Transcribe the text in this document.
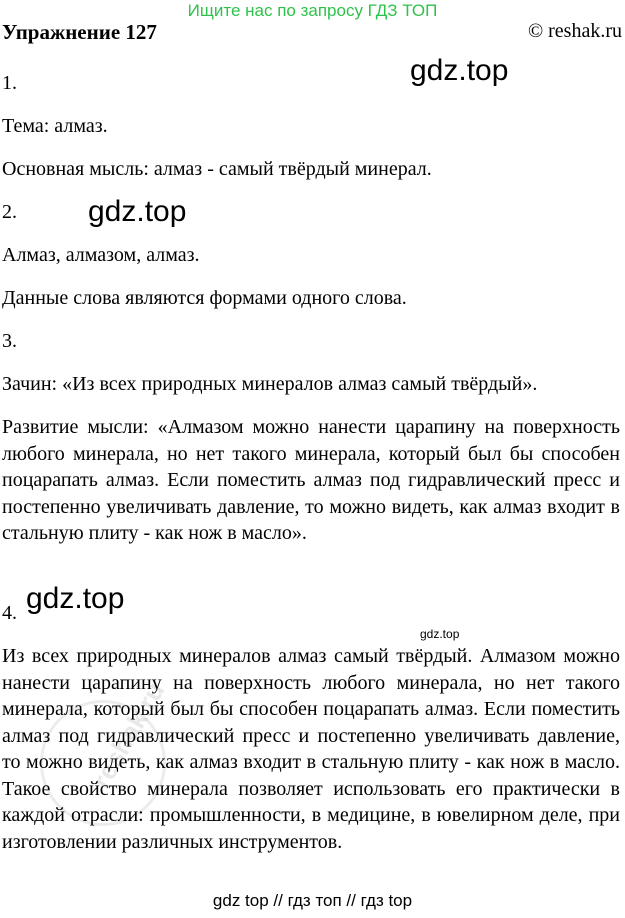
Ищите нас по запросу ГДЗ ТОП
Упражнение 127	© reshak.ru
gdz.top
gdz.top
gdz.top
gdz.top
reshak.ru
1.
Тема: алмаз.
Основная мысль: алмаз - самый твёрдый минерал.
2.
Алмаз, алмазом, алмаз.
Данные слова являются формами одного слова.
3.
Зачин: «Из всех природных минералов алмаз самый твёрдый».
Развитие мысли: «Алмазом можно нанести царапину на поверхность любого минерала, но нет такого минерала, который был бы способен поцарапать алмаз. Если поместить алмаз под гидравлический пресс и постепенно увеличивать давление, то можно видеть, как алмаз входит в стальную плиту - как нож в масло».
4.
Из всех природных минералов алмаз самый твёрдый. Алмазом можно нанести царапину на поверхность любого минерала, но нет такого минерала, который был бы способен поцарапать алмаз. Если поместить алмаз под гидравлический пресс и постепенно увеличивать давление, то можно видеть, как алмаз входит в стальную плиту - как нож в масло. Такое свойство минерала позволяет использовать его практически в каждой отрасли: промышленности, в медицине, в ювелирном деле, при изготовлении различных инструментов.
gdz top // гдз топ // гдз top
